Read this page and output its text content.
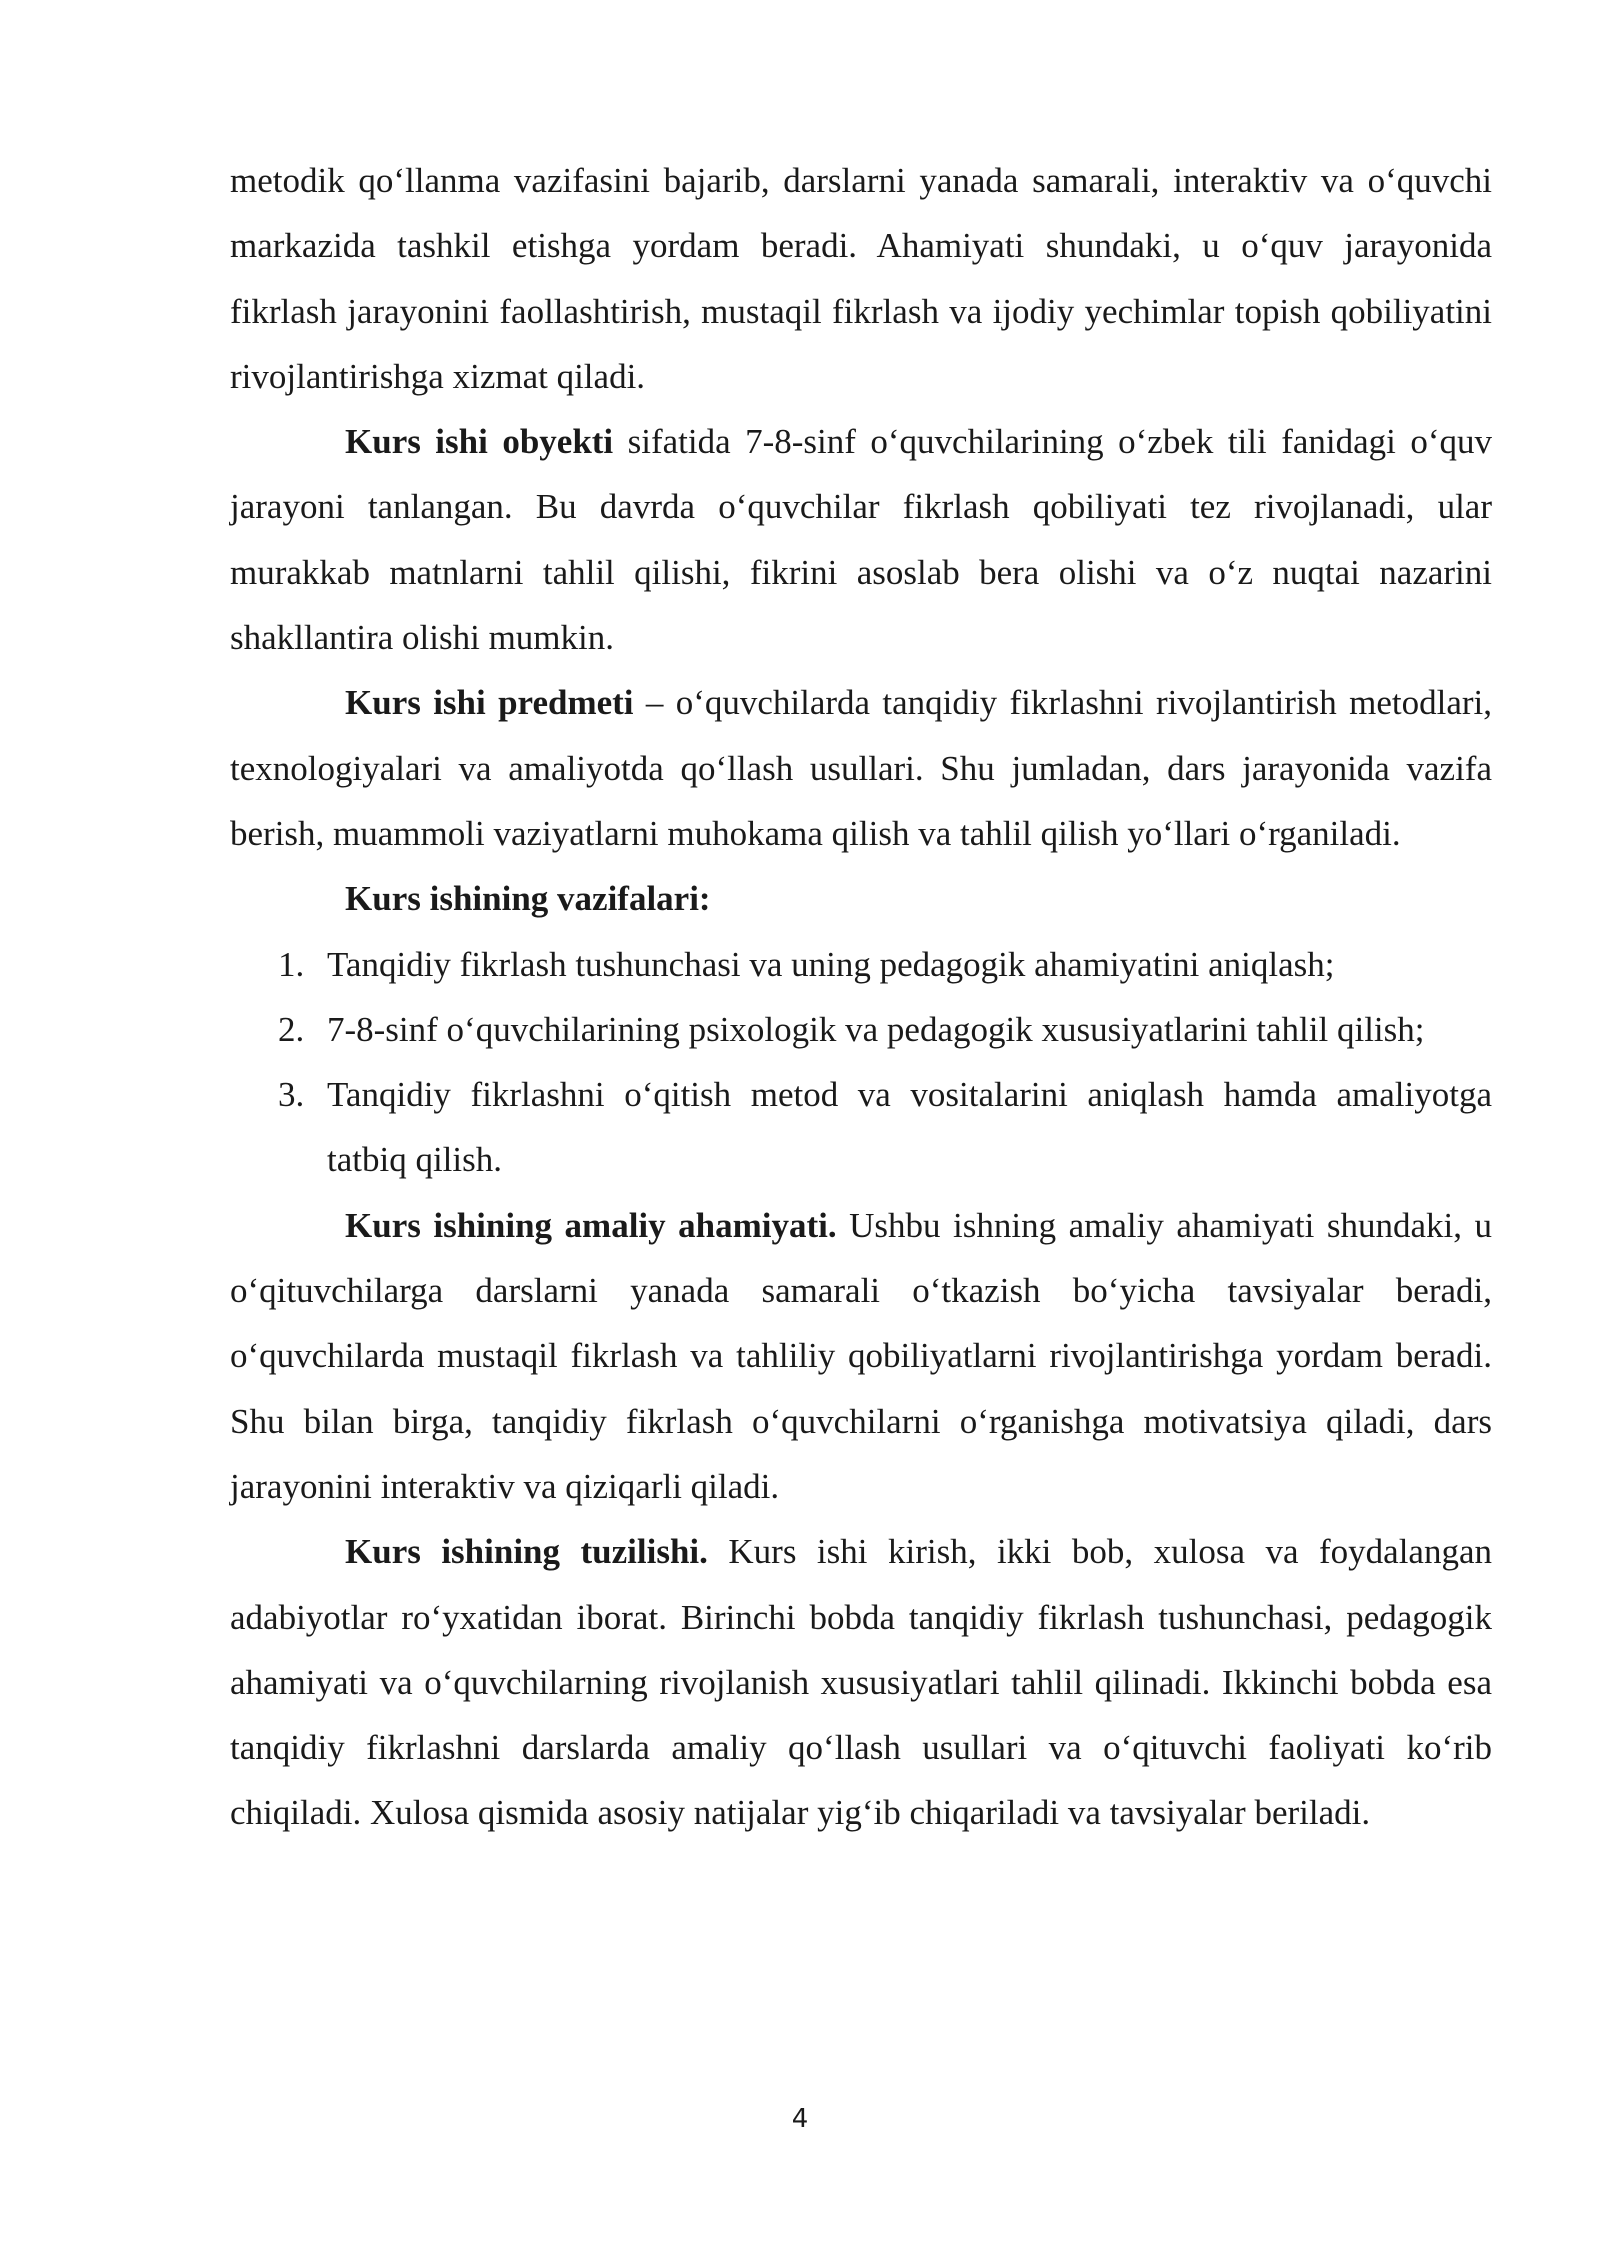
metodik qo‘llanma vazifasini bajarib, darslarni yanada samarali, interaktiv va o‘quvchi markazida tashkil etishga yordam beradi. Ahamiyati shundaki, u o‘quv jarayonida fikrlash jarayonini faollashtirish, mustaqil fikrlash va ijodiy yechimlar topish qobiliyatini rivojlantirishga xizmat qiladi.

Kurs ishi obyekti sifatida 7-8-sinf o‘quvchilarining o‘zbek tili fanidagi o‘quv jarayoni tanlangan. Bu davrda o‘quvchilar fikrlash qobiliyati tez rivojlanadi, ular murakkab matnlarni tahlil qilishi, fikrini asoslab bera olishi va o‘z nuqtai nazarini shakllantira olishi mumkin.

Kurs ishi predmeti – o‘quvchilarda tanqidiy fikrlashni rivojlantirish metodlari, texnologiyalari va amaliyotda qo‘llash usullari. Shu jumladan, dars jarayonida vazifa berish, muammoli vaziyatlarni muhokama qilish va tahlil qilish yo‘llari o‘rganiladi.

Kurs ishining vazifalari:

1. Tanqidiy fikrlash tushunchasi va uning pedagogik ahamiyatini aniqlash;
2. 7-8-sinf o‘quvchilarining psixologik va pedagogik xususiyatlarini tahlil qilish;
3. Tanqidiy fikrlashni o‘qitish metod va vositalarini aniqlash hamda amaliyotga tatbiq qilish.

Kurs ishining amaliy ahamiyati. Ushbu ishning amaliy ahamiyati shundaki, u o‘qituvchilarga darslarni yanada samarali o‘tkazish bo‘yicha tavsiyalar beradi, o‘quvchilarda mustaqil fikrlash va tahliliy qobiliyatlarni rivojlantirishga yordam beradi. Shu bilan birga, tanqidiy fikrlash o‘quvchilarni o‘rganishga motivatsiya qiladi, dars jarayonini interaktiv va qiziqarli qiladi.

Kurs ishining tuzilishi. Kurs ishi kirish, ikki bob, xulosa va foydalangan adabiyotlar ro‘yxatidan iborat. Birinchi bobda tanqidiy fikrlash tushunchasi, pedagogik ahamiyati va o‘quvchilarning rivojlanish xususiyatlari tahlil qilinadi. Ikkinchi bobda esa tanqidiy fikrlashni darslarda amaliy qo‘llash usullari va o‘qituvchi faoliyati ko‘rib chiqiladi. Xulosa qismida asosiy natijalar yig‘ib chiqariladi va tavsiyalar beriladi.

4
